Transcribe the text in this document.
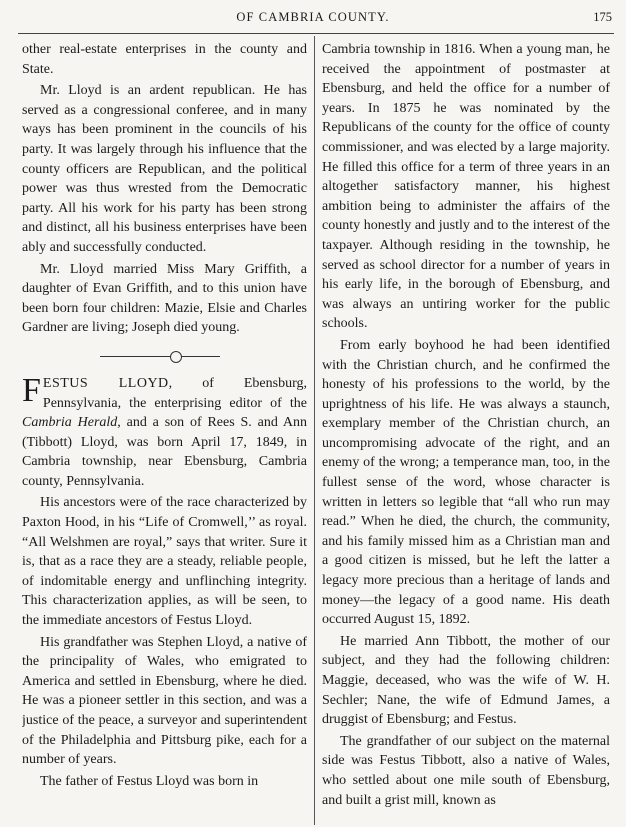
OF CAMBRIA COUNTY.	175

other real-estate enterprises in the county and State.

Mr. Lloyd is an ardent republican. He has served as a congressional conferee, and in many ways has been prominent in the councils of his party. It was largely through his influence that the county officers are Republican, and the political power was thus wrested from the Democratic party. All his work for his party has been strong and distinct, all his business enterprises have been ably and successfully conducted.

Mr. Lloyd married Miss Mary Griffith, a daughter of Evan Griffith, and to this union have been born four children: Mazie, Elsie and Charles Gardner are living; Joseph died young.

FESTUS LLOYD, of Ebensburg, Pennsylvania, the enterprising editor of the Cambria Herald, and a son of Rees S. and Ann (Tibbott) Lloyd, was born April 17, 1849, in Cambria township, near Ebensburg, Cambria county, Pennsylvania.

His ancestors were of the race characterized by Paxton Hood, in his “Life of Cromwell,’’ as royal. “All Welshmen are royal,” says that writer. Sure it is, that as a race they are a steady, reliable people, of indomitable energy and unflinching integrity. This characterization applies, as will be seen, to the immediate ancestors of Festus Lloyd.

His grandfather was Stephen Lloyd, a native of the principality of Wales, who emigrated to America and settled in Ebensburg, where he died. He was a pioneer settler in this section, and was a justice of the peace, a surveyor and superintendent of the Philadelphia and Pittsburg pike, each for a number of years.

The father of Festus Lloyd was born in

Cambria township in 1816. When a young man, he received the appointment of postmaster at Ebensburg, and held the office for a number of years. In 1875 he was nominated by the Republicans of the county for the office of county commissioner, and was elected by a large majority. He filled this office for a term of three years in an altogether satisfactory manner, his highest ambition being to administer the affairs of the county honestly and justly and to the interest of the taxpayer. Although residing in the township, he served as school director for a number of years in his early life, in the borough of Ebensburg, and was always an untiring worker for the public schools.

From early boyhood he had been identified with the Christian church, and he confirmed the honesty of his professions to the world, by the uprightness of his life. He was always a staunch, exemplary member of the Christian church, an uncompromising advocate of the right, and an enemy of the wrong; a temperance man, too, in the fullest sense of the word, whose character is written in letters so legible that “all who run may read.” When he died, the church, the community, and his family missed him as a Christian man and a good citizen is missed, but he left the latter a legacy more precious than a heritage of lands and money—the legacy of a good name. His death occurred August 15, 1892.

He married Ann Tibbott, the mother of our subject, and they had the following children: Maggie, deceased, who was the wife of W. H. Sechler; Nane, the wife of Edmund James, a druggist of Ebensburg; and Festus.

The grandfather of our subject on the maternal side was Festus Tibbott, also a native of Wales, who settled about one mile south of Ebensburg, and built a grist mill, known as
